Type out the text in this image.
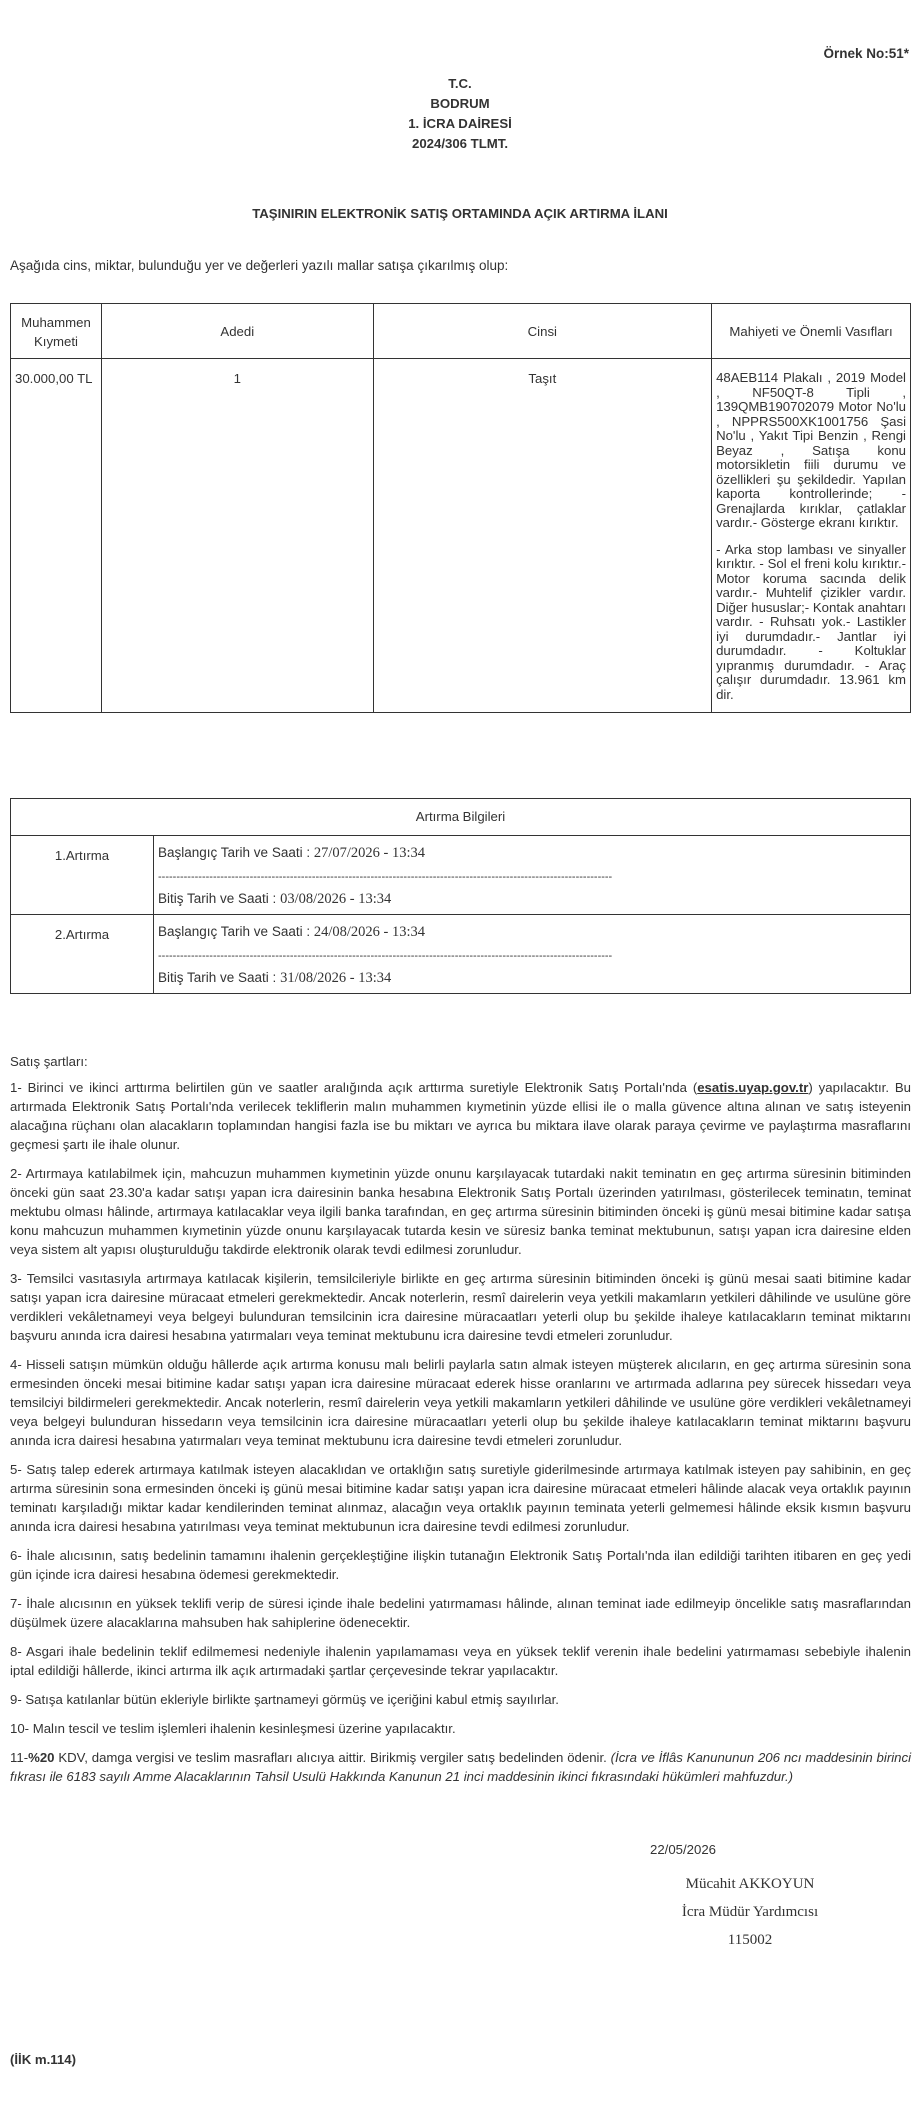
Örnek No:51*
T.C.
BODRUM
1. İCRA DAİRESİ
2024/306 TLMT.
TAŞINIRIN ELEKTRONİK SATIŞ ORTAMINDA AÇIK ARTIRMA İLANI
Aşağıda cins, miktar, bulunduğu yer ve değerleri yazılı mallar satışa çıkarılmış olup:
Muhammen Kıymeti	Adedi	Cinsi	Mahiyeti ve Önemli Vasıfları
30.000,00 TL	1	Taşıt	48AEB114 Plakalı , 2019 Model , NF50QT-8 Tipli , 139QMB190702079 Motor No'lu , NPPRS500XK1001756 Şasi No'lu , Yakıt Tipi Benzin , Rengi Beyaz , Satışa konu motorsikletin fiili durumu ve özellikleri şu şekildedir. Yapılan kaporta kontrollerinde; - Grenajlarda kırıklar, çatlaklar vardır.- Gösterge ekranı kırıktır.

- Arka stop lambası ve sinyaller kırıktır. - Sol el freni kolu kırıktır.- Motor koruma sacında delik vardır.- Muhtelif çizikler vardır. Diğer hususlar;- Kontak anahtarı vardır. - Ruhsatı yok.- Lastikler iyi durumdadır.- Jantlar iyi durumdadır. - Koltuklar yıpranmış durumdadır. - Araç çalışır durumdadır. 13.961 km dir.

Artırma Bilgileri	
1.Artırma	Başlangıç Tarih ve Saati : 27/07/2026 - 13:34
----------------------------------------------------------------------------------------------------------------------------
Bitiş Tarih ve Saati : 03/08/2026 - 13:34

2.Artırma	Başlangıç Tarih ve Saati : 24/08/2026 - 13:34
----------------------------------------------------------------------------------------------------------------------------
Bitiş Tarih ve Saati : 31/08/2026 - 13:34

Satış şartları:

1- Birinci ve ikinci arttırma belirtilen gün ve saatler aralığında açık arttırma suretiyle Elektronik Satış Portalı'nda (esatis.uyap.gov.tr) yapılacaktır. Bu artırmada Elektronik Satış Portalı'nda verilecek tekliflerin malın muhammen kıymetinin yüzde ellisi ile o malla güvence altına alınan ve satış isteyenin alacağına rüçhanı olan alacakların toplamından hangisi fazla ise bu miktarı ve ayrıca bu miktara ilave olarak paraya çevirme ve paylaştırma masraflarını geçmesi şartı ile ihale olunur.

2- Artırmaya katılabilmek için, mahcuzun muhammen kıymetinin yüzde onunu karşılayacak tutardaki nakit teminatın en geç artırma süresinin bitiminden önceki gün saat 23.30'a kadar satışı yapan icra dairesinin banka hesabına Elektronik Satış Portalı üzerinden yatırılması, gösterilecek teminatın, teminat mektubu olması hâlinde, artırmaya katılacaklar veya ilgili banka tarafından, en geç artırma süresinin bitiminden önceki iş günü mesai bitimine kadar satışa konu mahcuzun muhammen kıymetinin yüzde onunu karşılayacak tutarda kesin ve süresiz banka teminat mektubunun, satışı yapan icra dairesine elden veya sistem alt yapısı oluşturulduğu takdirde elektronik olarak tevdi edilmesi zorunludur.

3- Temsilci vasıtasıyla artırmaya katılacak kişilerin, temsilcileriyle birlikte en geç artırma süresinin bitiminden önceki iş günü mesai saati bitimine kadar satışı yapan icra dairesine müracaat etmeleri gerekmektedir. Ancak noterlerin, resmî dairelerin veya yetkili makamların yetkileri dâhilinde ve usulüne göre verdikleri vekâletnameyi veya belgeyi bulunduran temsilcinin icra dairesine müracaatları yeterli olup bu şekilde ihaleye katılacakların teminat miktarını başvuru anında icra dairesi hesabına yatırmaları veya teminat mektubunu icra dairesine tevdi etmeleri zorunludur.

4- Hisseli satışın mümkün olduğu hâllerde açık artırma konusu malı belirli paylarla satın almak isteyen müşterek alıcıların, en geç artırma süresinin sona ermesinden önceki mesai bitimine kadar satışı yapan icra dairesine müracaat ederek hisse oranlarını ve artırmada adlarına pey sürecek hissedarı veya temsilciyi bildirmeleri gerekmektedir. Ancak noterlerin, resmî dairelerin veya yetkili makamların yetkileri dâhilinde ve usulüne göre verdikleri vekâletnameyi veya belgeyi bulunduran hissedarın veya temsilcinin icra dairesine müracaatları yeterli olup bu şekilde ihaleye katılacakların teminat miktarını başvuru anında icra dairesi hesabına yatırmaları veya teminat mektubunu icra dairesine tevdi etmeleri zorunludur.

5- Satış talep ederek artırmaya katılmak isteyen alacaklıdan ve ortaklığın satış suretiyle giderilmesinde artırmaya katılmak isteyen pay sahibinin, en geç artırma süresinin sona ermesinden önceki iş günü mesai bitimine kadar satışı yapan icra dairesine müracaat etmeleri hâlinde alacak veya ortaklık payının teminatı karşıladığı miktar kadar kendilerinden teminat alınmaz, alacağın veya ortaklık payının teminata yeterli gelmemesi hâlinde eksik kısmın başvuru anında icra dairesi hesabına yatırılması veya teminat mektubunun icra dairesine tevdi edilmesi zorunludur.

6- İhale alıcısının, satış bedelinin tamamını ihalenin gerçekleştiğine ilişkin tutanağın Elektronik Satış Portalı'nda ilan edildiği tarihten itibaren en geç yedi gün içinde icra dairesi hesabına ödemesi gerekmektedir.

7- İhale alıcısının en yüksek teklifi verip de süresi içinde ihale bedelini yatırmaması hâlinde, alınan teminat iade edilmeyip öncelikle satış masraflarından düşülmek üzere alacaklarına mahsuben hak sahiplerine ödenecektir.

8- Asgari ihale bedelinin teklif edilmemesi nedeniyle ihalenin yapılamaması veya en yüksek teklif verenin ihale bedelini yatırmaması sebebiyle ihalenin iptal edildiği hâllerde, ikinci artırma ilk açık artırmadaki şartlar çerçevesinde tekrar yapılacaktır.

9- Satışa katılanlar bütün ekleriyle birlikte şartnameyi görmüş ve içeriğini kabul etmiş sayılırlar.

10- Malın tescil ve teslim işlemleri ihalenin kesinleşmesi üzerine yapılacaktır.

11-%20 KDV, damga vergisi ve teslim masrafları alıcıya aittir. Birikmiş vergiler satış bedelinden ödenir. (İcra ve İflâs Kanununun 206 ncı maddesinin birinci fıkrası ile 6183 sayılı Amme Alacaklarının Tahsil Usulü Hakkında Kanunun 21 inci maddesinin ikinci fıkrasındaki hükümleri mahfuzdur.)

22/05/2026
Mücahit AKKOYUN
İcra Müdür Yardımcısı
115002
(İİK m.114)
